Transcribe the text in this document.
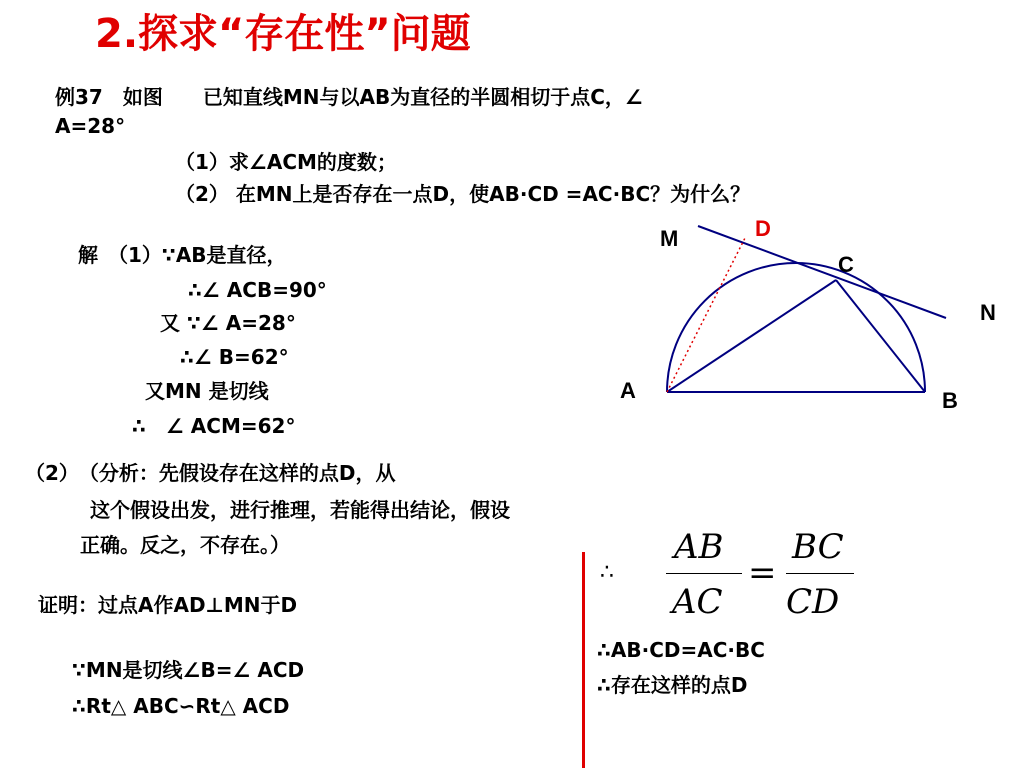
2.探求“存在性”问题
例37　如图　　已知直线MN与以AB为直径的半圆相切于点C，∠
A=28°
（1）求∠ACM的度数；
（2） 在MN上是否存在一点D，使AB·CD =AC·BC？为什么？
解　（1）∵AB是直径，
∴∠ ACB=90°
又 ∵∠ A=28°
∴∠ B=62°
又MN 是切线
∴　∠ ACM=62°
（2）　（分析：先假设存在这样的点D，从
这个假设出发，进行推理，若能得出结论，假设
正确。反之，不存在。）
证明：过点A作AD⊥MN于D
∵MN是切线∠B=∠ ACD
∴Rt△ ABC∽Rt△ ACD
∴
AB
AC
=
BC
CD
∴AB·CD=AC·BC
∴存在这样的点D
M	D
C
N
A	B
